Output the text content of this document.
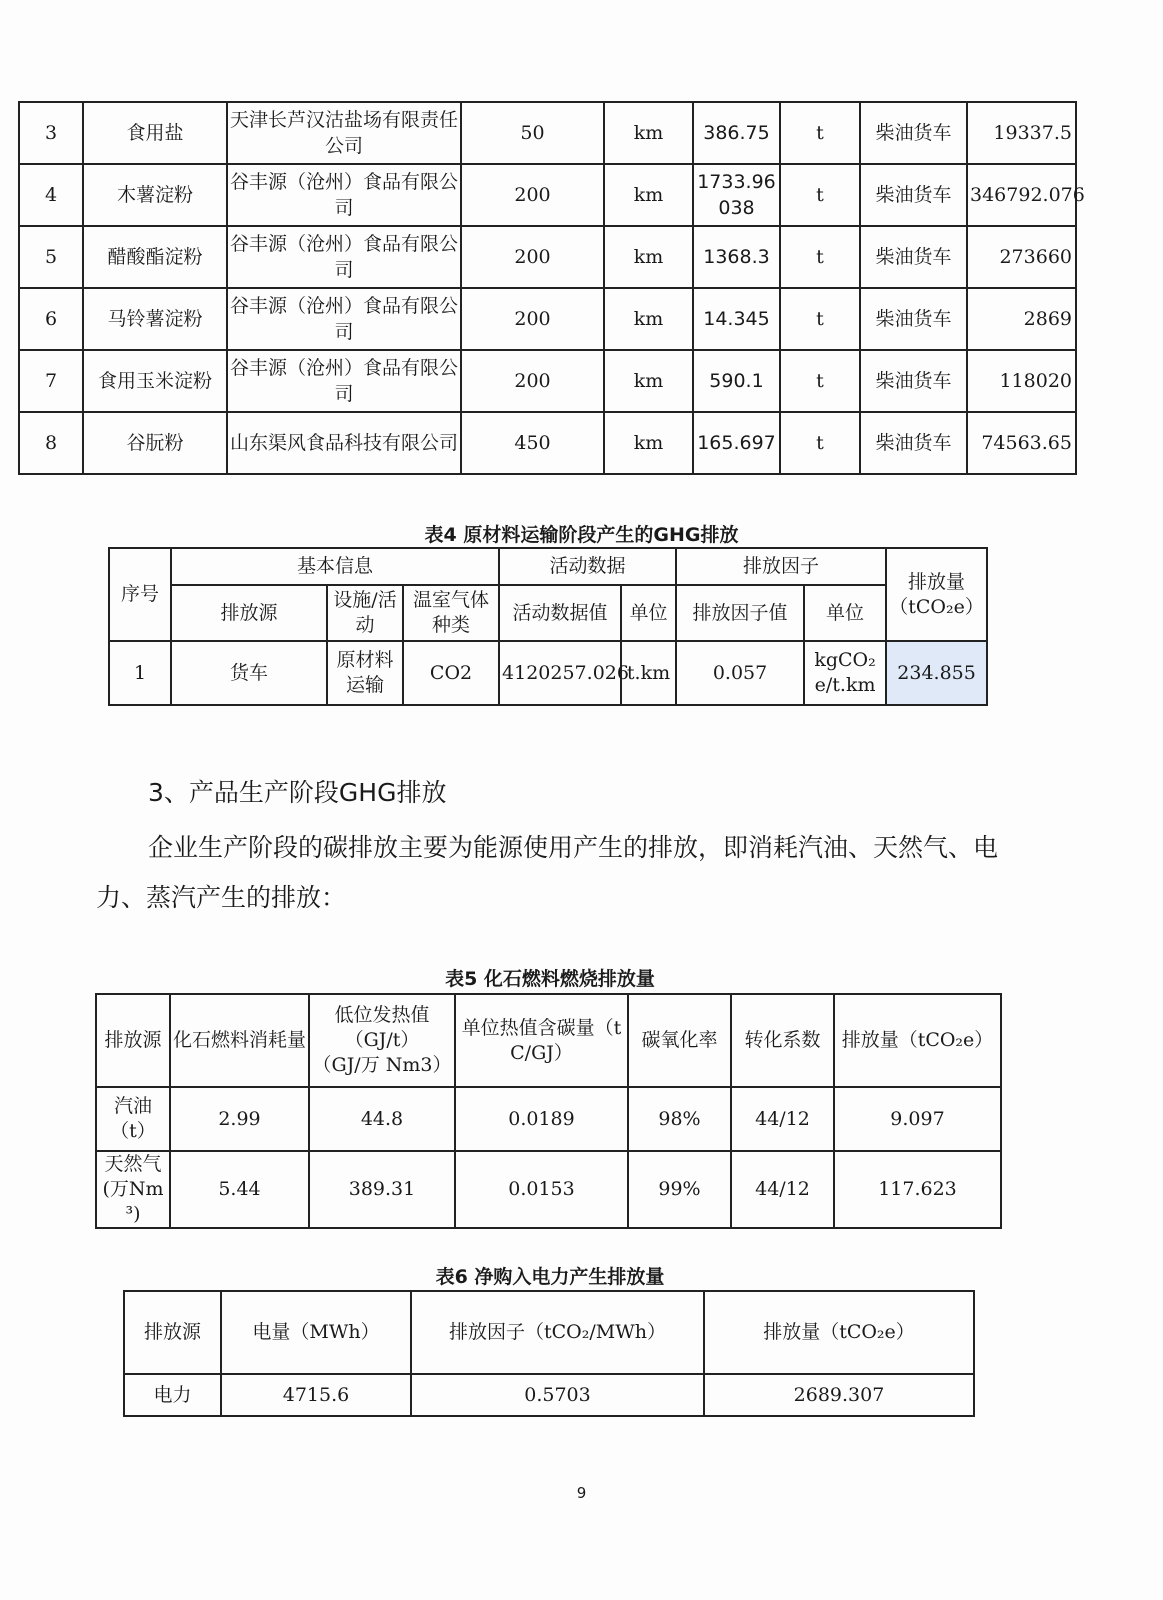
3	食用盐	天津长芦汉沽盐场有限责任公司	50	km	386.75	t	柴油货车	19337.5
4	木薯淀粉	谷丰源（沧州）食品有限公司	200	km	1733.96038	t	柴油货车	346792.076
5	醋酸酯淀粉	谷丰源（沧州）食品有限公司	200	km	1368.3	t	柴油货车	273660
6	马铃薯淀粉	谷丰源（沧州）食品有限公司	200	km	14.345	t	柴油货车	2869
7	食用玉米淀粉	谷丰源（沧州）食品有限公司	200	km	590.1	t	柴油货车	118020
8	谷朊粉	山东渠风食品科技有限公司	450	km	165.697	t	柴油货车	74563.65
表4 原材料运输阶段产生的GHG排放
序号	基本信息			活动数据		排放因子		排放量（tCO₂e）
	排放源	设施/活动	温室气体种类	活动数据值	单位	排放因子值	单位	
1	货车	原材料运输	CO2	4120257.026	t.km	0.057	kgCO₂e/t.km	234.855
3、产品生产阶段GHG排放
企业生产阶段的碳排放主要为能源使用产生的排放，即消耗汽油、天然气、电力、蒸汽产生的排放：
表5 化石燃料燃烧排放量
排放源	化石燃料消耗量	低位发热值
（GJ/t）
（GJ/万 Nm3）	单位热值含碳量（tC/GJ）	碳氧化率	转化系数	排放量（tCO₂e）
汽油（t）	2.99	44.8	0.0189	98%	44/12	9.097
天然气(万Nm³)	5.44	389.31	0.0153	99%	44/12	117.623
表6 净购入电力产生排放量
排放源	电量（MWh）	排放因子（tCO₂/MWh）	排放量（tCO₂e）
电力	4715.6	0.5703	2689.307
9
